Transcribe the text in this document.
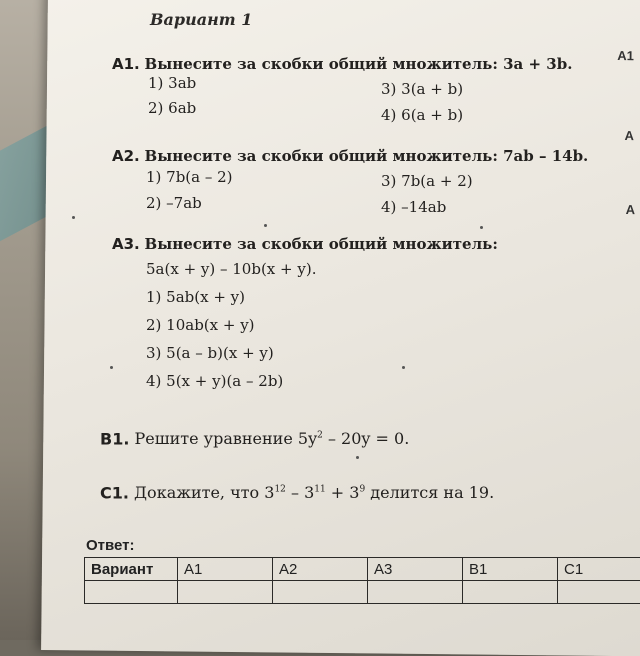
A1
A
A
Вариант 1
A1. Вынесите за скобки общий множитель: 3a + 3b.
1) 3ab
2) 6ab
3) 3(a + b)
4) 6(a + b)
A2. Вынесите за скобки общий множитель: 7ab – 14b.
1) 7b(a – 2)
2) –7ab
3) 7b(a + 2)
4) –14ab
A3. Вынесите за скобки общий множитель:
5a(x + y) – 10b(x + y).
1) 5ab(x + y)
2) 10ab(x + y)
3) 5(a – b)(x + y)
4) 5(x + y)(a – 2b)
B1. Решите уравнение $5y^2 - 20y = 0$.
C1. Докажите, что $3^{12} - 3^{11} + 3^9$ делится на 19.
Ответ:
Вариант	A1	A2	A3	B1	C1
